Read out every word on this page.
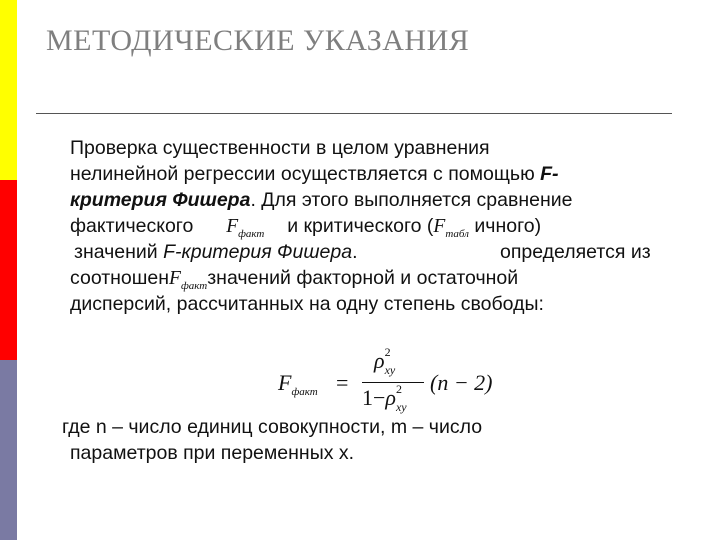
МЕТОДИЧЕСКИЕ УКАЗАНИЯ
Проверка существенности в целом уравнения
нелинейной регрессии осуществляется с помощью F-
критерия Фишера. Для этого выполняется сравнение
фактического $F_{факт}$ и критического ($F_{табл}$ ичного)
значений F-критерия Фишера.	определяется из
соотношенF$_{факт}$значений факторной и остаточной
дисперсий, рассчитанных на одну степень свободы:
$F_{факт}$ =
$\rho^2_{xy}$
$1-\rho^2_{xy}$
(n − 2)
где n – число единиц совокупности, m – число
параметров при переменных x.
